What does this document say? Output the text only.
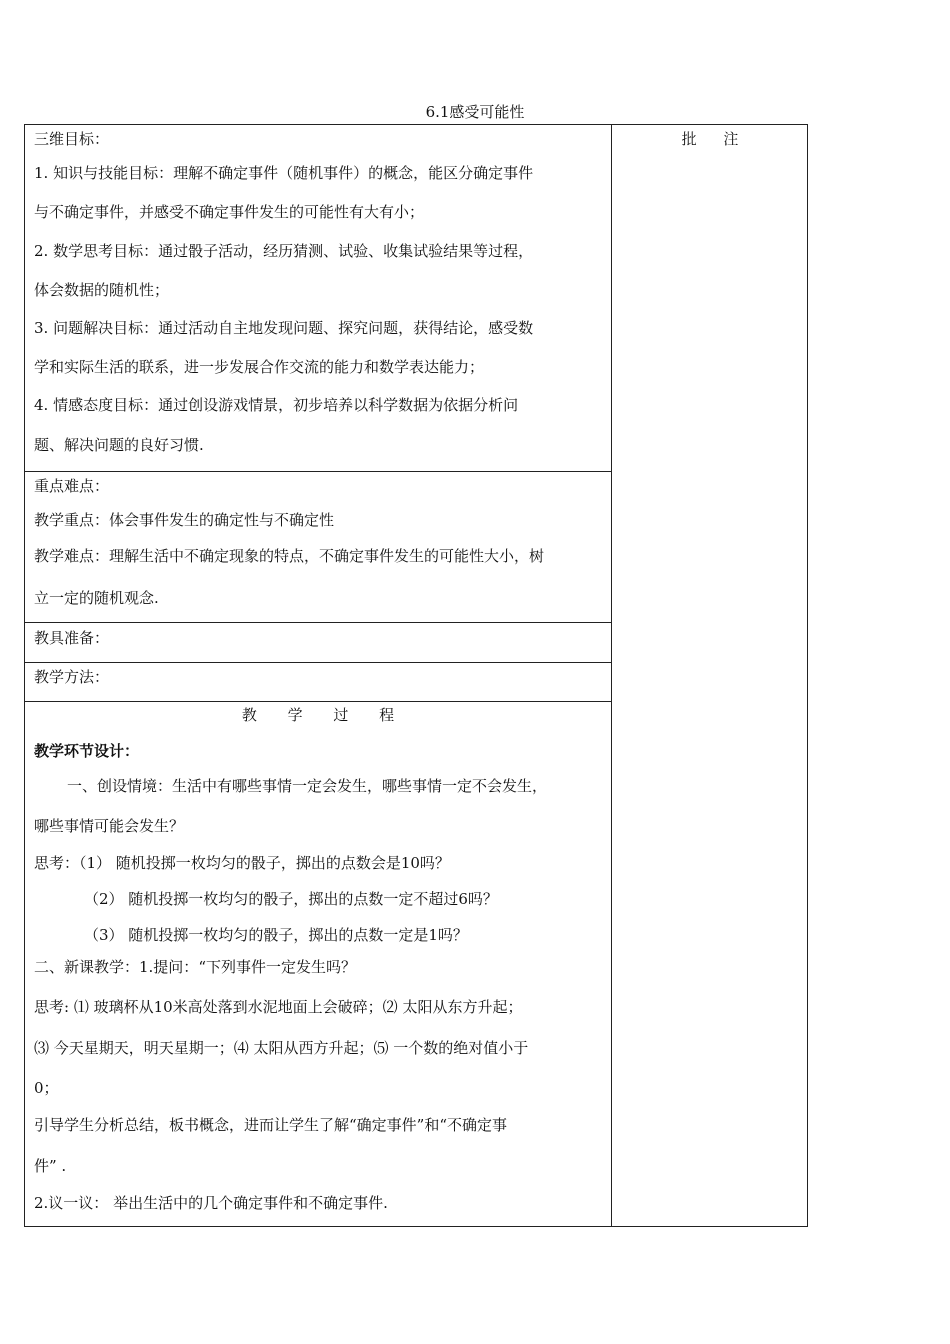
6.1感受可能性
批 注
三维目标：
1. 知识与技能目标：理解不确定事件（随机事件）的概念，能区分确定事件
与不确定事件，并感受不确定事件发生的可能性有大有小；
2. 数学思考目标：通过骰子活动，经历猜测、试验、收集试验结果等过程，
体会数据的随机性；
3. 问题解决目标：通过活动自主地发现问题、探究问题，获得结论，感受数
学和实际生活的联系，进一步发展合作交流的能力和数学表达能力；
4. 情感态度目标：通过创设游戏情景，初步培养以科学数据为依据分析问
题、解决问题的良好习惯.
重点难点：
教学重点：体会事件发生的确定性与不确定性
教学难点：理解生活中不确定现象的特点，不确定事件发生的可能性大小，树
立一定的随机观念.
教具准备：
教学方法：
教 学 过 程
教学环节设计：
一、创设情境：生活中有哪些事情一定会发生，哪些事情一定不会发生，
哪些事情可能会发生？
思考：（1） 随机投掷一枚均匀的骰子，掷出的点数会是10吗？
（2） 随机投掷一枚均匀的骰子，掷出的点数一定不超过6吗？
（3） 随机投掷一枚均匀的骰子，掷出的点数一定是1吗？
二、新课教学：1.提问：“下列事件一定发生吗？
思考: ⑴ 玻璃杯从10米高处落到水泥地面上会破碎；⑵ 太阳从东方升起；
⑶ 今天星期天，明天星期一；⑷ 太阳从西方升起；⑸ 一个数的绝对值小于
0；
引导学生分析总结，板书概念，进而让学生了解“确定事件”和“不确定事
件” .
2.议一议： 举出生活中的几个确定事件和不确定事件.
